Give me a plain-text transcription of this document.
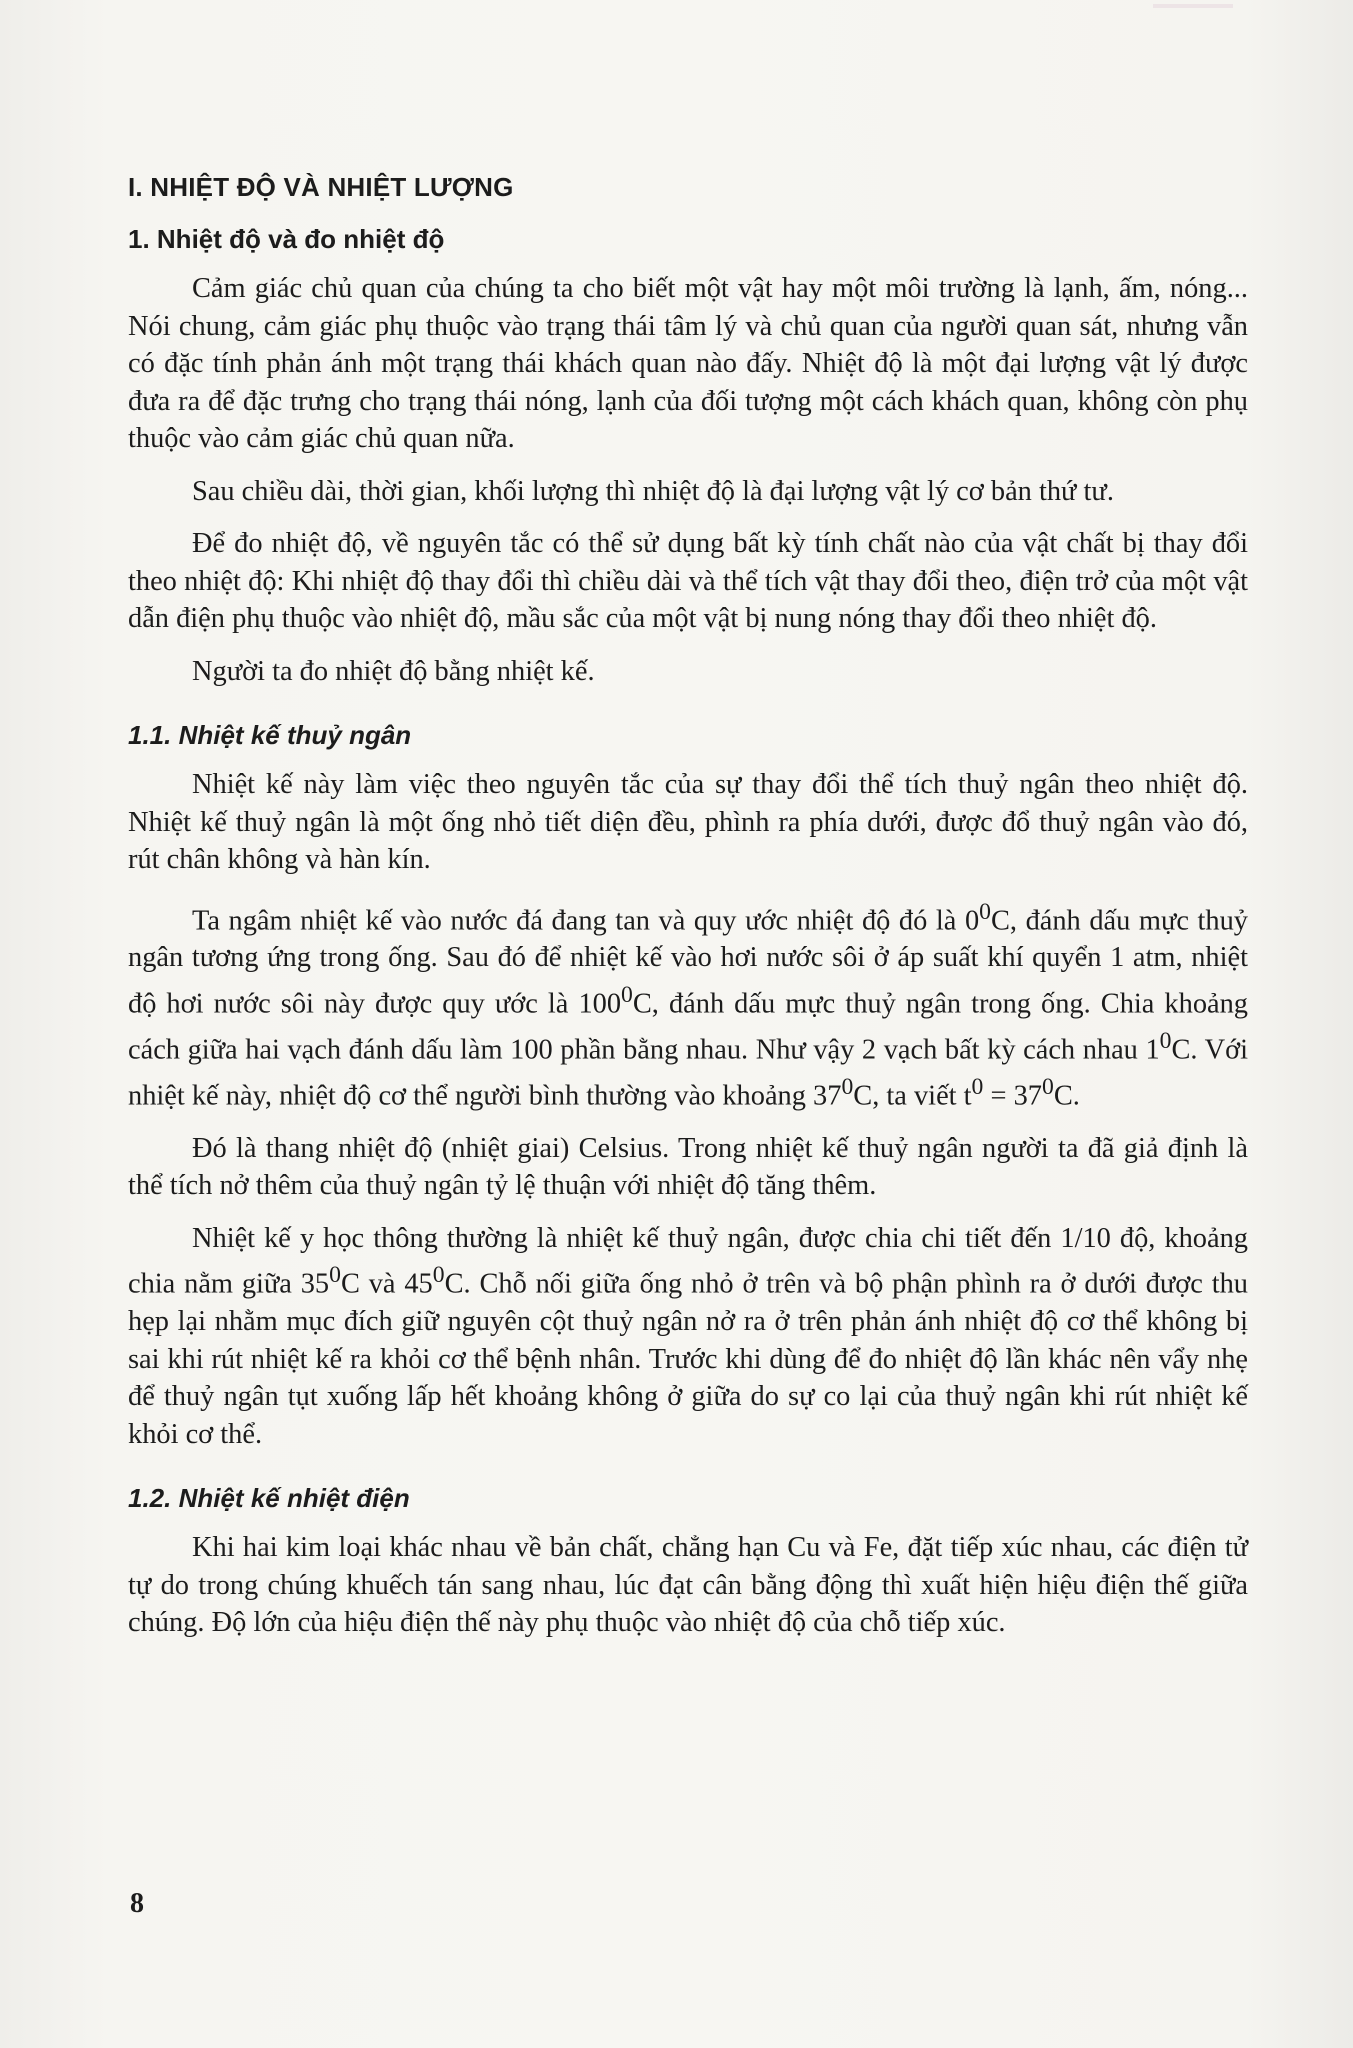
I. NHIỆT ĐỘ VÀ NHIỆT LƯỢNG
1. Nhiệt độ và đo nhiệt độ

Cảm giác chủ quan của chúng ta cho biết một vật hay một môi trường là lạnh, ấm, nóng... Nói chung, cảm giác phụ thuộc vào trạng thái tâm lý và chủ quan của người quan sát, nhưng vẫn có đặc tính phản ánh một trạng thái khách quan nào đấy. Nhiệt độ là một đại lượng vật lý được đưa ra để đặc trưng cho trạng thái nóng, lạnh của đối tượng một cách khách quan, không còn phụ thuộc vào cảm giác chủ quan nữa.

Sau chiều dài, thời gian, khối lượng thì nhiệt độ là đại lượng vật lý cơ bản thứ tư.

Để đo nhiệt độ, về nguyên tắc có thể sử dụng bất kỳ tính chất nào của vật chất bị thay đổi theo nhiệt độ: Khi nhiệt độ thay đổi thì chiều dài và thể tích vật thay đổi theo, điện trở của một vật dẫn điện phụ thuộc vào nhiệt độ, mầu sắc của một vật bị nung nóng thay đổi theo nhiệt độ.

Người ta đo nhiệt độ bằng nhiệt kế.

1.1. Nhiệt kế thuỷ ngân

Nhiệt kế này làm việc theo nguyên tắc của sự thay đổi thể tích thuỷ ngân theo nhiệt độ. Nhiệt kế thuỷ ngân là một ống nhỏ tiết diện đều, phình ra phía dưới, được đổ thuỷ ngân vào đó, rút chân không và hàn kín.

Ta ngâm nhiệt kế vào nước đá đang tan và quy ước nhiệt độ đó là $0^0C$, đánh dấu mực thuỷ ngân tương ứng trong ống. Sau đó để nhiệt kế vào hơi nước sôi ở áp suất khí quyển 1 atm, nhiệt độ hơi nước sôi này được quy ước là $100^0C$, đánh dấu mực thuỷ ngân trong ống. Chia khoảng cách giữa hai vạch đánh dấu làm 100 phần bằng nhau. Như vậy 2 vạch bất kỳ cách nhau $1^0C$. Với nhiệt kế này, nhiệt độ cơ thể người bình thường vào khoảng $37^0C$, ta viết $t^0 = 37^0C$.

Đó là thang nhiệt độ (nhiệt giai) Celsius. Trong nhiệt kế thuỷ ngân người ta đã giả định là thể tích nở thêm của thuỷ ngân tỷ lệ thuận với nhiệt độ tăng thêm.

Nhiệt kế y học thông thường là nhiệt kế thuỷ ngân, được chia chi tiết đến 1/10 độ, khoảng chia nằm giữa $35^0C$ và $45^0C$. Chỗ nối giữa ống nhỏ ở trên và bộ phận phình ra ở dưới được thu hẹp lại nhằm mục đích giữ nguyên cột thuỷ ngân nở ra ở trên phản ánh nhiệt độ cơ thể không bị sai khi rút nhiệt kế ra khỏi cơ thể bệnh nhân. Trước khi dùng để đo nhiệt độ lần khác nên vẩy nhẹ để thuỷ ngân tụt xuống lấp hết khoảng không ở giữa do sự co lại của thuỷ ngân khi rút nhiệt kế khỏi cơ thể.

1.2. Nhiệt kế nhiệt điện

Khi hai kim loại khác nhau về bản chất, chẳng hạn Cu và Fe, đặt tiếp xúc nhau, các điện tử tự do trong chúng khuếch tán sang nhau, lúc đạt cân bằng động thì xuất hiện hiệu điện thế giữa chúng. Độ lớn của hiệu điện thế này phụ thuộc vào nhiệt độ của chỗ tiếp xúc.

8
